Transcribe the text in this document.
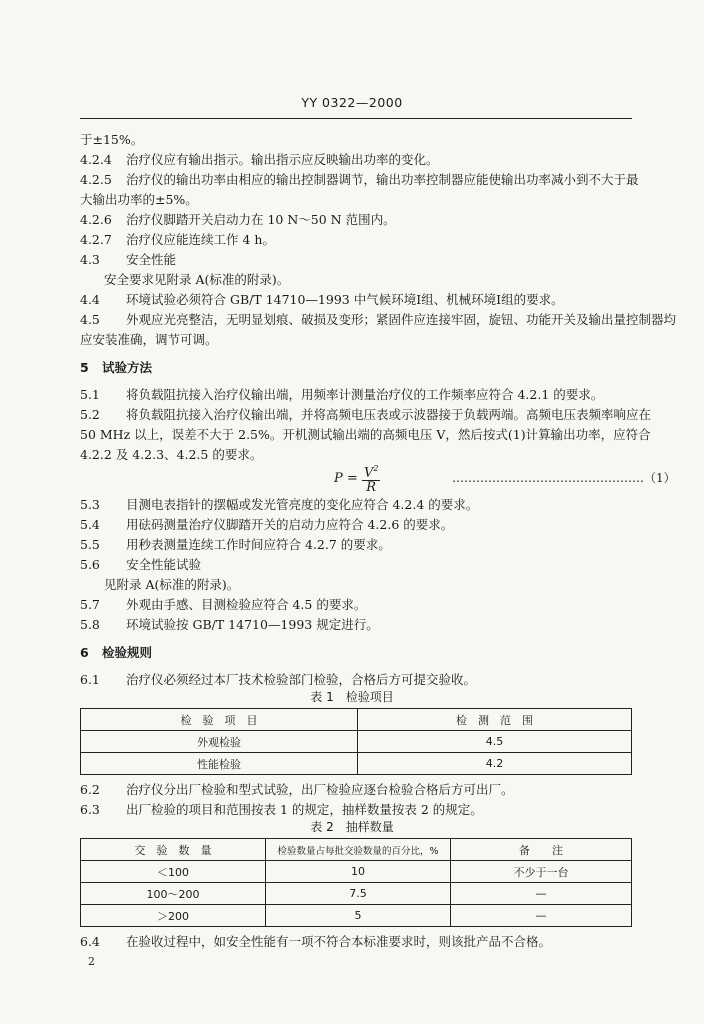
YY 0322—2000
于±15%。
4.2.4 治疗仪应有输出指示。输出指示应反映输出功率的变化。
4.2.5 治疗仪的输出功率由相应的输出控制器调节，输出功率控制器应能使输出功率减小到不大于最
大输出功率的±5%。
4.2.6 治疗仪脚踏开关启动力在 10 N～50 N 范围内。
4.2.7 治疗仪应能连续工作 4 h。
4.3 安全性能
安全要求见附录 A(标准的附录)。
4.4 环境试验必须符合 GB/T 14710—1993 中气候环境Ⅰ组、机械环境Ⅰ组的要求。
4.5 外观应光亮整洁，无明显划痕、破损及变形；紧固件应连接牢固，旋钮、功能开关及输出量控制器均
应安装准确，调节可调。
5 试验方法
5.1 将负载阻抗接入治疗仪输出端，用频率计测量治疗仪的工作频率应符合 4.2.1 的要求。
5.2 将负载阻抗接入治疗仪输出端，并将高频电压表或示波器接于负载两端。高频电压表频率响应在
50 MHz 以上，误差不大于 2.5%。开机测试输出端的高频电压 V，然后按式(1)计算输出功率，应符合
4.2.2 及 4.2.3、4.2.5 的要求。
$P = \frac{V^2}{R}$	…………………………………………（1）
5.3 目测电表指针的摆幅或发光管亮度的变化应符合 4.2.4 的要求。
5.4 用砝码测量治疗仪脚踏开关的启动力应符合 4.2.6 的要求。
5.5 用秒表测量连续工作时间应符合 4.2.7 的要求。
5.6 安全性能试验
见附录 A(标准的附录)。
5.7 外观由手感、目测检验应符合 4.5 的要求。
5.8 环境试验按 GB/T 14710—1993 规定进行。
6 检验规则
6.1 治疗仪必须经过本厂技术检验部门检验，合格后方可提交验收。
表 1　检验项目
检　验　项　目	检　测　范　围
外观检验	4.5
性能检验	4.2
6.2 治疗仪分出厂检验和型式试验，出厂检验应逐台检验合格后方可出厂。
6.3 出厂检验的项目和范围按表 1 的规定，抽样数量按表 2 的规定。
表 2　抽样数量
交　验　数　量	检验数量占每批交验数量的百分比，%	备　　注
＜100	10	不少于一台
100～200	7.5	—
＞200	5	—
6.4 在验收过程中，如安全性能有一项不符合本标准要求时，则该批产品不合格。
2
